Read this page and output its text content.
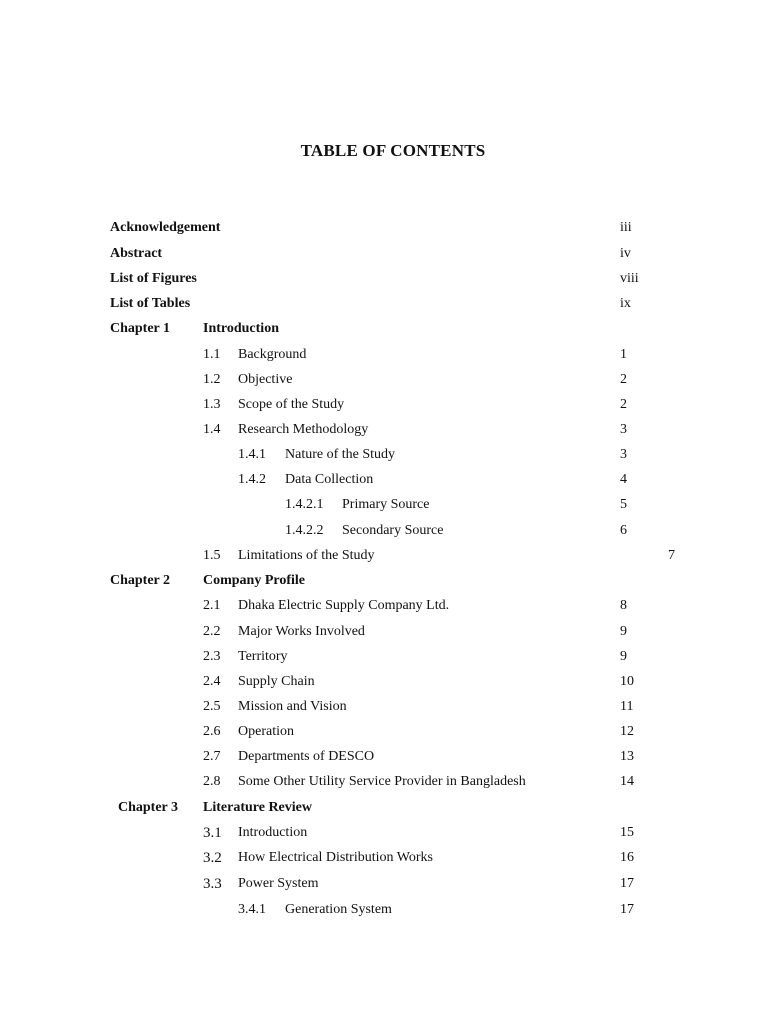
TABLE OF CONTENTS
Acknowledgement	iii
Abstract	iv
List of Figures	viii
List of Tables	ix
Chapter 1 Introduction
1.1 Background	1
1.2 Objective	2
1.3 Scope of the Study	2
1.4 Research Methodology	3
1.4.1 Nature of the Study	3
1.4.2 Data Collection	4
1.4.2.1 Primary Source	5
1.4.2.2 Secondary Source	6
1.5 Limitations of the Study	7
Chapter 2 Company Profile
2.1 Dhaka Electric Supply Company Ltd.	8
2.2 Major Works Involved	9
2.3 Territory	9
2.4 Supply Chain	10
2.5 Mission and Vision	11
2.6 Operation	12
2.7 Departments of DESCO	13
2.8 Some Other Utility Service Provider in Bangladesh	14
Chapter 3 Literature Review
3.1 Introduction	15
3.2 How Electrical Distribution Works	16
3.3 Power System	17
3.4.1 Generation System	17
